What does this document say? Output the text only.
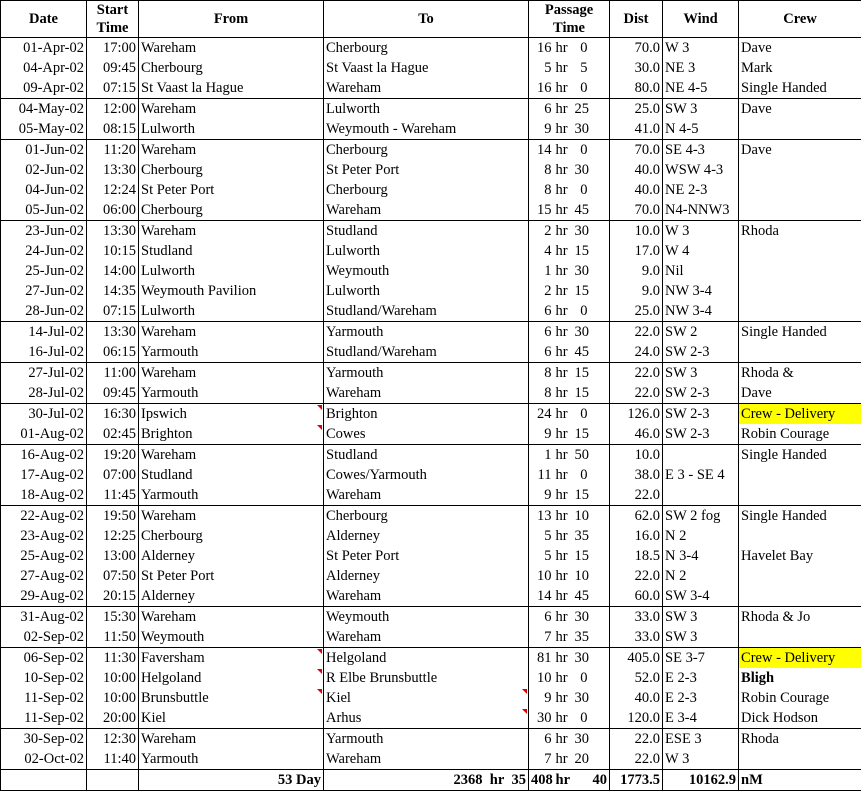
Date	Start
Time	From	To	Passage
Time				Dist	Wind	Crew
01-Apr-02	17:00	Wareham	Cherbourg	16	hr	0		70.0	W 3	Dave
04-Apr-02	09:45	Cherbourg	St Vaast la Hague	5	hr	5		30.0	NE 3	Mark
09-Apr-02	07:15	St Vaast la Hague	Wareham	16	hr	0		80.0	NE 4-5	Single Handed
04-May-02	12:00	Wareham	Lulworth	6	hr	25		25.0	SW 3	Dave
05-May-02	08:15	Lulworth	Weymouth - Wareham	9	hr	30		41.0	N 4-5	
01-Jun-02	11:20	Wareham	Cherbourg	14	hr	0		70.0	SE 4-3	Dave
02-Jun-02	13:30	Cherbourg	St Peter Port	8	hr	30		40.0	WSW 4-3	
04-Jun-02	12:24	St Peter Port	Cherbourg	8	hr	0		40.0	NE 2-3	
05-Jun-02	06:00	Cherbourg	Wareham	15	hr	45		70.0	N4-NNW3	
23-Jun-02	13:30	Wareham	Studland	2	hr	30		10.0	W 3	Rhoda
24-Jun-02	10:15	Studland	Lulworth	4	hr	15		17.0	W 4	
25-Jun-02	14:00	Lulworth	Weymouth	1	hr	30		9.0	Nil	
27-Jun-02	14:35	Weymouth Pavilion	Lulworth	2	hr	15		9.0	NW 3-4	
28-Jun-02	07:15	Lulworth	Studland/Wareham	6	hr	0		25.0	NW 3-4	
14-Jul-02	13:30	Wareham	Yarmouth	6	hr	30		22.0	SW 2	Single Handed
16-Jul-02	06:15	Yarmouth	Studland/Wareham	6	hr	45		24.0	SW 2-3	
27-Jul-02	11:00	Wareham	Yarmouth	8	hr	15		22.0	SW 3	Rhoda &
28-Jul-02	09:45	Yarmouth	Wareham	8	hr	15		22.0	SW 2-3	Dave
30-Jul-02	16:30	Ipswich	Brighton	24	hr	0		126.0	SW 2-3	Crew - Delivery
01-Aug-02	02:45	Brighton	Cowes	9	hr	15		46.0	SW 2-3	Robin Courage
16-Aug-02	19:20	Wareham	Studland	1	hr	50		10.0		Single Handed
17-Aug-02	07:00	Studland	Cowes/Yarmouth	11	hr	0		38.0	E 3 - SE 4	
18-Aug-02	11:45	Yarmouth	Wareham	9	hr	15		22.0		
22-Aug-02	19:50	Wareham	Cherbourg	13	hr	10		62.0	SW 2 fog	Single Handed
23-Aug-02	12:25	Cherbourg	Alderney	5	hr	35		16.0	N 2	
25-Aug-02	13:00	Alderney	St Peter Port	5	hr	15		18.5	N 3-4	Havelet Bay
27-Aug-02	07:50	St Peter Port	Alderney	10	hr	10		22.0	N 2	
29-Aug-02	20:15	Alderney	Wareham	14	hr	45		60.0	SW 3-4	
31-Aug-02	15:30	Wareham	Weymouth	6	hr	30		33.0	SW 3	Rhoda & Jo
02-Sep-02	11:50	Weymouth	Wareham	7	hr	35		33.0	SW 3	
06-Sep-02	11:30	Faversham	Helgoland	81	hr	30		405.0	SE 3-7	Crew - Delivery
10-Sep-02	10:00	Helgoland	R Elbe Brunsbuttle	10	hr	0		52.0	E 2-3	Bligh
11-Sep-02	10:00	Brunsbuttle	Kiel	9	hr	30		40.0	E 2-3	Robin Courage
11-Sep-02	20:00	Kiel	Arhus	30	hr	0		120.0	E 3-4	Dick Hodson
30-Sep-02	12:30	Wareham	Yarmouth	6	hr	30		22.0	ESE 3	Rhoda
02-Oct-02	11:40	Yarmouth	Wareham	7	hr	20		22.0	W 3	
		53 Day	2368 hr 35	408	hr	40		1773.5	10162.9	nM
